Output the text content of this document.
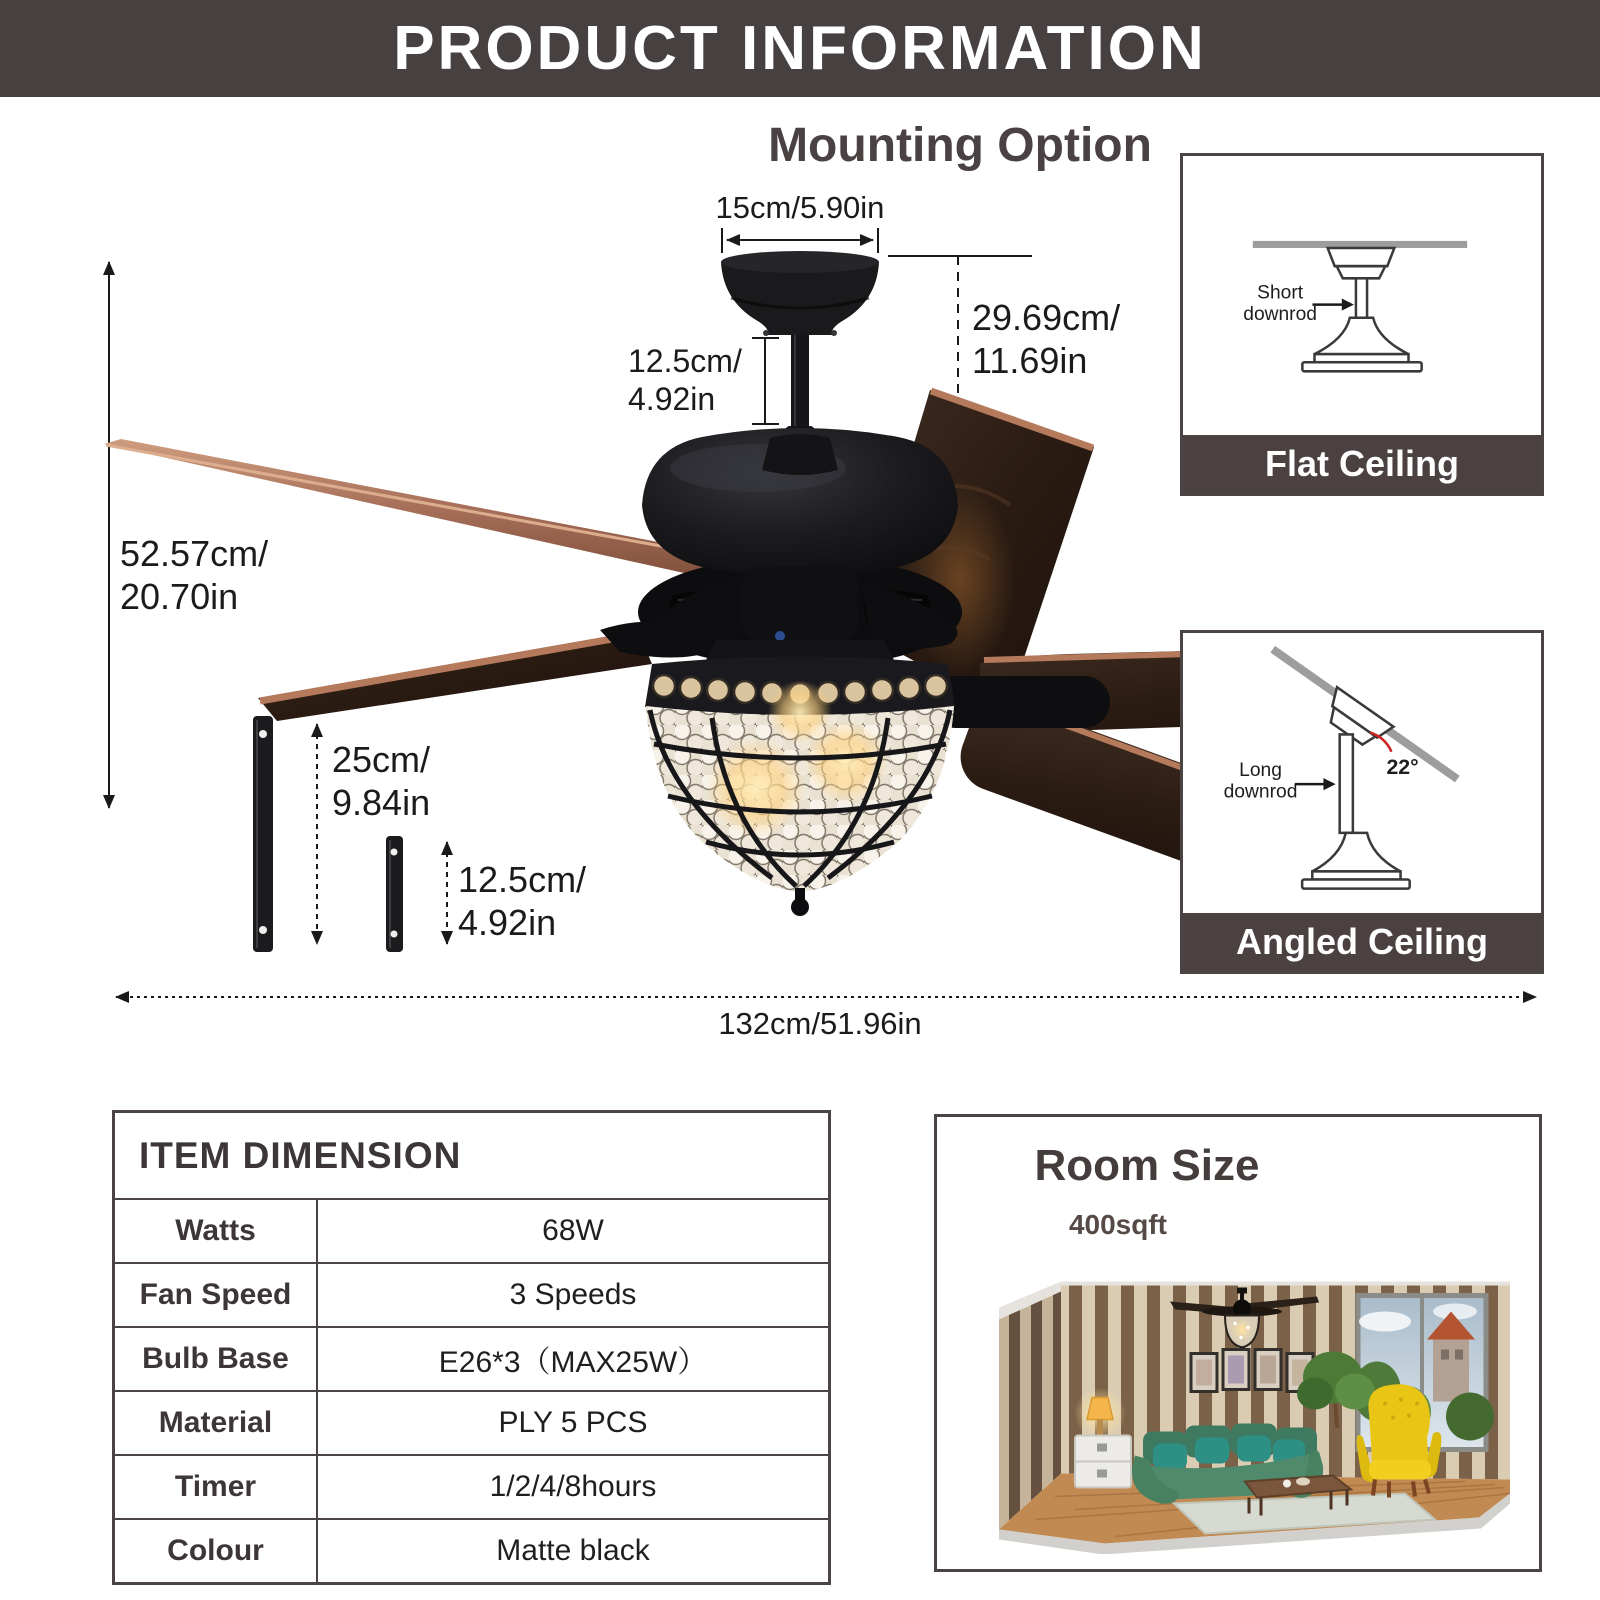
PRODUCT INFORMATION
Mounting Option
15cm/5.90in
12.5cm/
4.92in
29.69cm/
11.69in
52.57cm/
20.70in
25cm/
9.84in
12.5cm/
4.92in
132cm/51.96in
Short
downrod
Flat Ceiling
22°
Long
downrod
Angled Ceiling
ITEM DIMENSION
Watts	68W
Fan Speed	3 Speeds
Bulb Base	E26*3（MAX25W）
Material	PLY 5 PCS
Timer	1/2/4/8hours
Colour	Matte black
Room Size
400sqft
